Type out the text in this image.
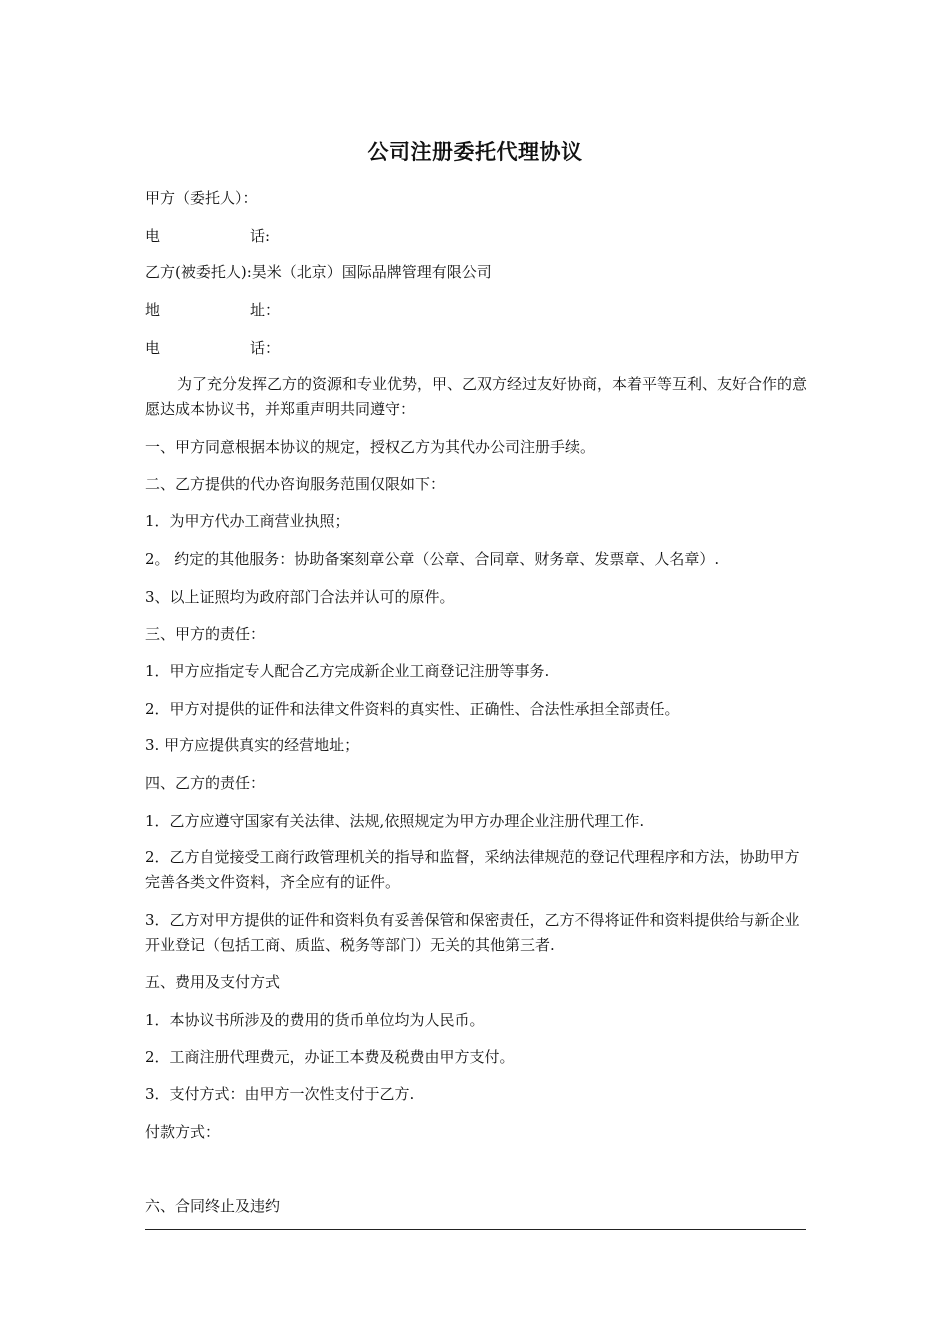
公司注册委托代理协议
甲方（委托人）：
电	话:
乙方(被委托人):昊米（北京）国际品牌管理有限公司
地	址：
电	话：
为了充分发挥乙方的资源和专业优势，甲、乙双方经过友好协商，本着平等互利、友好合作的意愿达成本协议书，并郑重声明共同遵守：
一、甲方同意根据本协议的规定，授权乙方为其代办公司注册手续。
二、乙方提供的代办咨询服务范围仅限如下：
1．为甲方代办工商营业执照；
2。 约定的其他服务：协助备案刻章公章（公章、合同章、财务章、发票章、人名章）.
3、以上证照均为政府部门合法并认可的原件。
三、甲方的责任：
1．甲方应指定专人配合乙方完成新企业工商登记注册等事务.
2．甲方对提供的证件和法律文件资料的真实性、正确性、合法性承担全部责任。
3. 甲方应提供真实的经营地址；
四、乙方的责任：
1．乙方应遵守国家有关法律、法规,依照规定为甲方办理企业注册代理工作.
2．乙方自觉接受工商行政管理机关的指导和监督，采纳法律规范的登记代理程序和方法，协助甲方完善各类文件资料，齐全应有的证件。
3．乙方对甲方提供的证件和资料负有妥善保管和保密责任，乙方不得将证件和资料提供给与新企业开业登记（包括工商、质监、税务等部门）无关的其他第三者.
五、费用及支付方式
1．本协议书所涉及的费用的货币单位均为人民币。
2．工商注册代理费元，办证工本费及税费由甲方支付。
3．支付方式：由甲方一次性支付于乙方.
付款方式：
六、合同终止及违约
